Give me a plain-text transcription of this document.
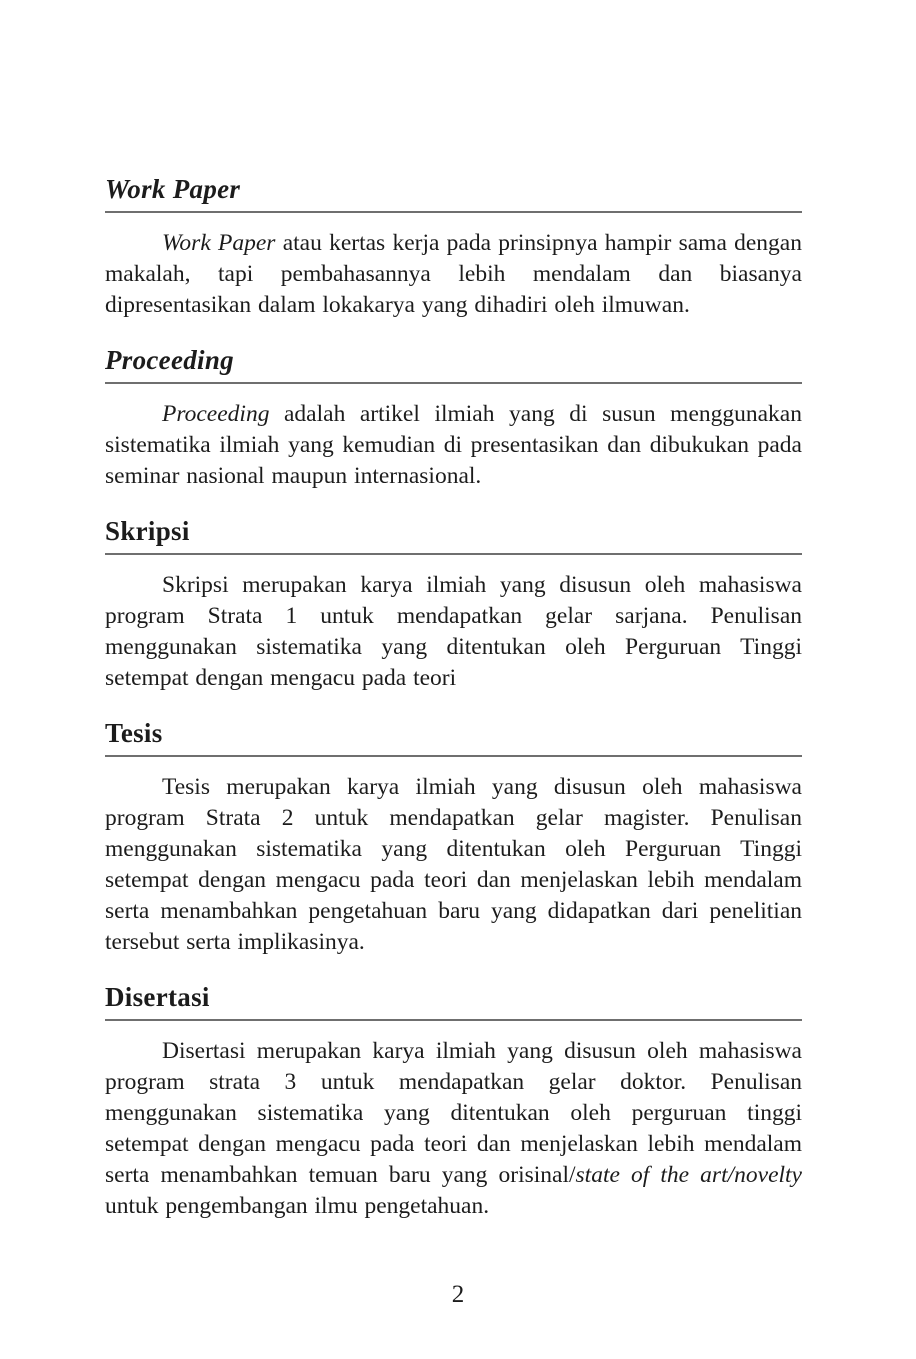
Work Paper

Work Paper atau kertas kerja pada prinsipnya hampir sama dengan makalah, tapi pembahasannya lebih mendalam dan biasanya dipresentasikan dalam lokakarya yang dihadiri oleh ilmuwan.

Proceeding

Proceeding adalah artikel ilmiah yang di susun menggunakan sistematika ilmiah yang kemudian di presentasikan dan dibukukan pada seminar nasional maupun internasional.

Skripsi

Skripsi merupakan karya ilmiah yang disusun oleh mahasiswa program Strata 1 untuk mendapatkan gelar sarjana. Penulisan menggunakan sistematika yang ditentukan oleh Perguruan Tinggi setempat dengan mengacu pada teori

Tesis

Tesis merupakan karya ilmiah yang disusun oleh mahasiswa program Strata 2 untuk mendapatkan gelar magister. Penulisan menggunakan sistematika yang ditentukan oleh Perguruan Tinggi setempat dengan mengacu pada teori dan menjelaskan lebih mendalam serta menambahkan pengetahuan baru yang didapatkan dari penelitian tersebut serta implikasinya.

Disertasi

Disertasi merupakan karya ilmiah yang disusun oleh mahasiswa program strata 3 untuk mendapatkan gelar doktor. Penulisan menggunakan sistematika yang ditentukan oleh perguruan tinggi setempat dengan mengacu pada teori dan menjelaskan lebih mendalam serta menambahkan temuan baru yang orisinal/state of the art/novelty untuk pengembangan ilmu pengetahuan.

2
